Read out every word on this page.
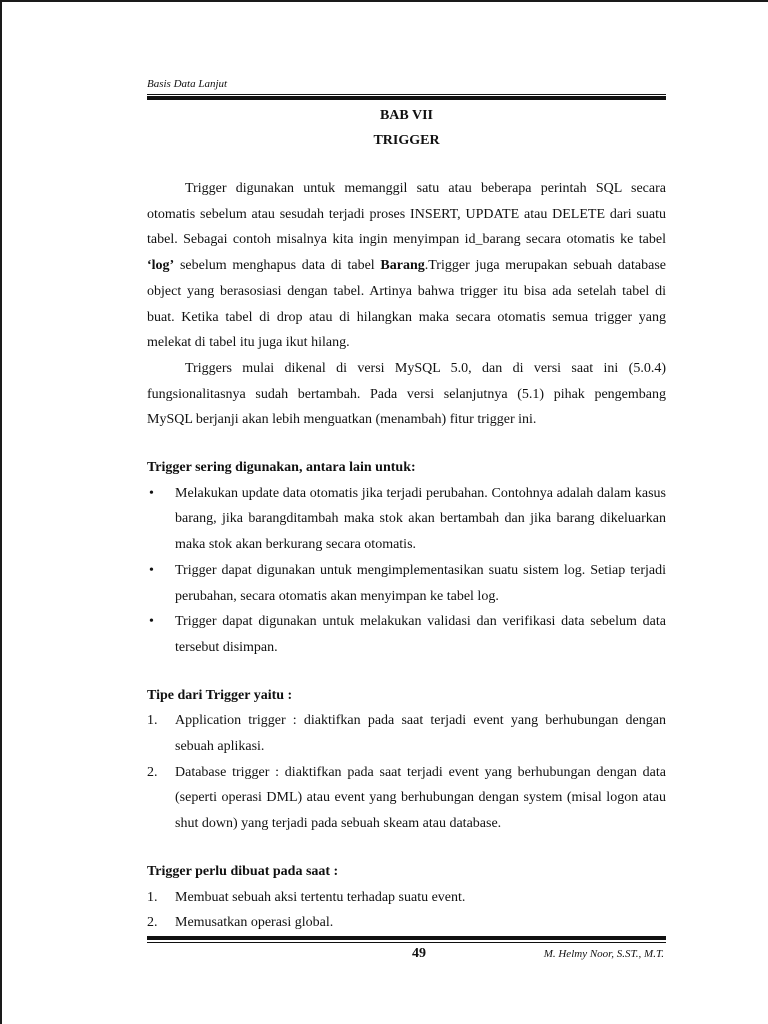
Basis Data Lanjut
BAB VII
TRIGGER

Trigger digunakan untuk memanggil satu atau beberapa perintah SQL secara otomatis sebelum atau sesudah terjadi proses INSERT, UPDATE atau DELETE dari suatu tabel. Sebagai contoh misalnya kita ingin menyimpan id_barang secara otomatis ke tabel ‘log’ sebelum menghapus data di tabel Barang.Trigger juga merupakan sebuah database object yang berasosiasi dengan tabel. Artinya bahwa trigger itu bisa ada setelah tabel di buat. Ketika tabel di drop atau di hilangkan maka secara otomatis semua trigger yang melekat di tabel itu juga ikut hilang.

Triggers mulai dikenal di versi MySQL 5.0, dan di versi saat ini (5.0.4) fungsionalitasnya sudah bertambah. Pada versi selanjutnya (5.1) pihak pengembang MySQL berjanji akan lebih menguatkan (menambah) fitur trigger ini.

Trigger sering digunakan, antara lain untuk:
• Melakukan update data otomatis jika terjadi perubahan. Contohnya adalah dalam kasus barang, jika barangditambah maka stok akan bertambah dan jika barang dikeluarkan maka stok akan berkurang secara otomatis.
• Trigger dapat digunakan untuk mengimplementasikan suatu sistem log. Setiap terjadi perubahan, secara otomatis akan menyimpan ke tabel log.
• Trigger dapat digunakan untuk melakukan validasi dan verifikasi data sebelum data tersebut disimpan.
Tipe dari Trigger yaitu :
1. Application trigger : diaktifkan pada saat terjadi event yang berhubungan dengan sebuah aplikasi.
2. Database trigger : diaktifkan pada saat terjadi event yang berhubungan dengan data (seperti operasi DML) atau event yang berhubungan dengan system (misal logon atau shut down) yang terjadi pada sebuah skeam atau database.
Trigger perlu dibuat pada saat :
1. Membuat sebuah aksi tertentu terhadap suatu event.
2. Memusatkan operasi global.
49	M. Helmy Noor, S.ST., M.T.
